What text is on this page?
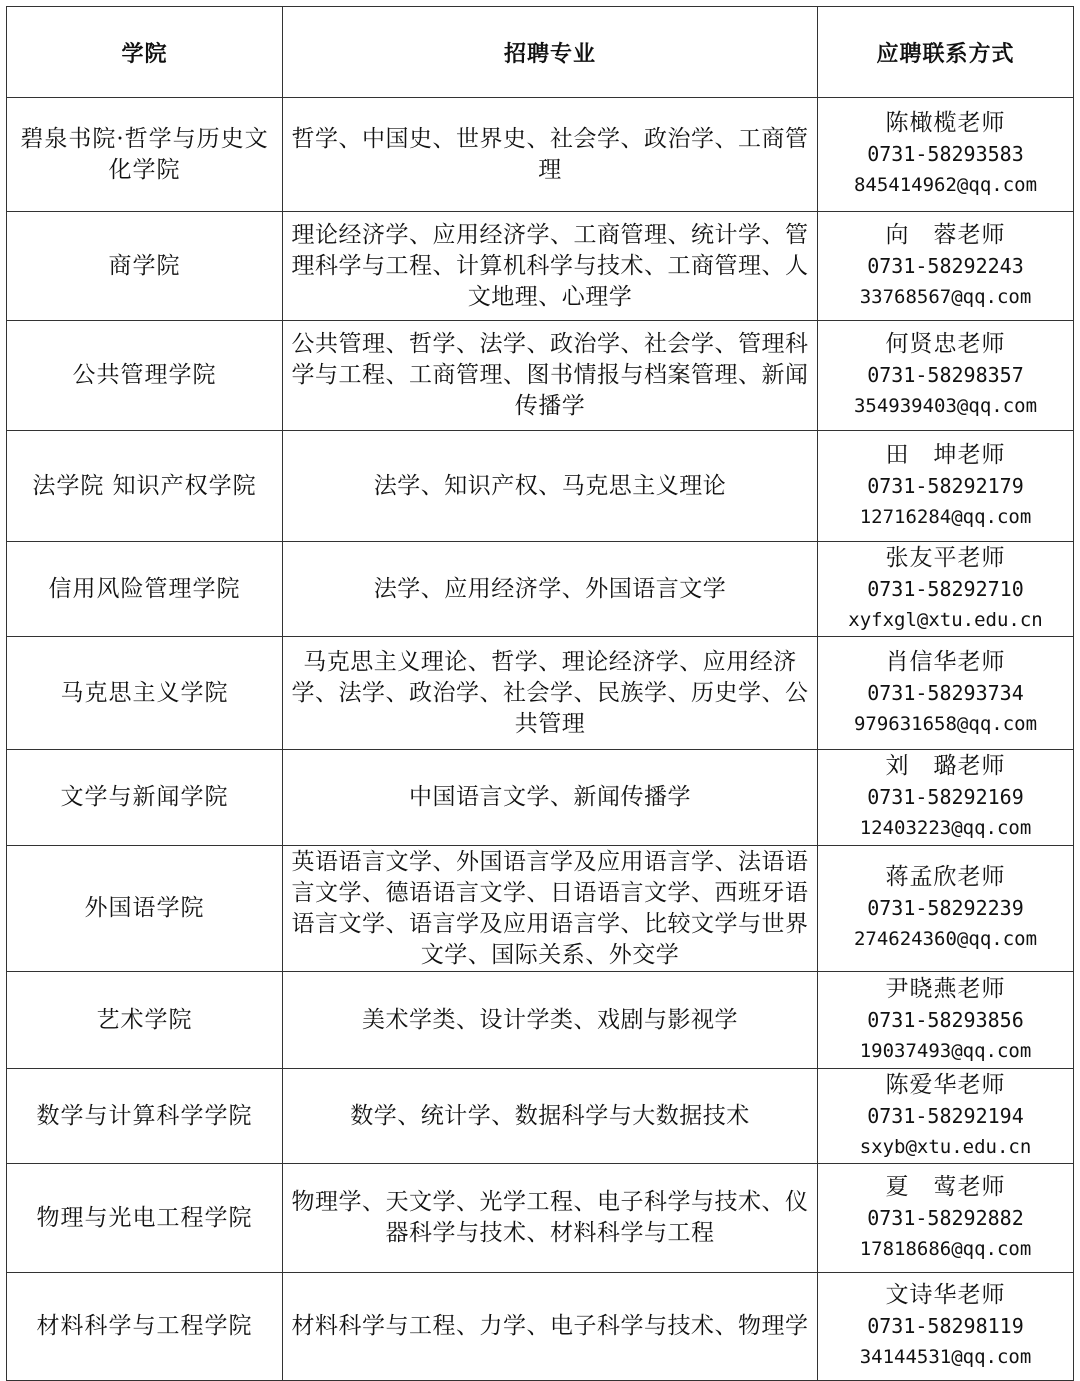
学院	招聘专业	应聘联系方式
碧泉书院·哲学与历史文化学院	哲学、中国史、世界史、社会学、政治学、工商管理	陈橄榄老师
0731-58293583
845414962@qq.com

商学院	理论经济学、应用经济学、工商管理、统计学、管理科学与工程、计算机科学与技术、工商管理、人文地理、心理学	向　蓉老师
0731-58292243
33768567@qq.com

公共管理学院	公共管理、哲学、法学、政治学、社会学、管理科学与工程、工商管理、图书情报与档案管理、新闻传播学	何贤忠老师
0731-58298357
354939403@qq.com

法学院 知识产权学院	法学、知识产权、马克思主义理论	田　坤老师
0731-58292179
12716284@qq.com

信用风险管理学院	法学、应用经济学、外国语言文学	张友平老师
0731-58292710
xyfxgl@xtu.edu.cn

马克思主义学院	马克思主义理论、哲学、理论经济学、应用经济学、法学、政治学、社会学、民族学、历史学、公共管理	肖信华老师
0731-58293734
979631658@qq.com

文学与新闻学院	中国语言文学、新闻传播学	刘　璐老师
0731-58292169
12403223@qq.com

外国语学院	英语语言文学、外国语言学及应用语言学、法语语言文学、德语语言文学、日语语言文学、西班牙语语言文学、语言学及应用语言学、比较文学与世界文学、国际关系、外交学	蒋孟欣老师
0731-58292239
274624360@qq.com

艺术学院	美术学类、设计学类、戏剧与影视学	尹晓燕老师
0731-58293856
19037493@qq.com

数学与计算科学学院	数学、统计学、数据科学与大数据技术	陈爱华老师
0731-58292194
sxyb@xtu.edu.cn

物理与光电工程学院	物理学、天文学、光学工程、电子科学与技术、仪器科学与技术、材料科学与工程	夏　莺老师
0731-58292882
17818686@qq.com

材料科学与工程学院	材料科学与工程、力学、电子科学与技术、物理学	文诗华老师
0731-58298119
34144531@qq.com
